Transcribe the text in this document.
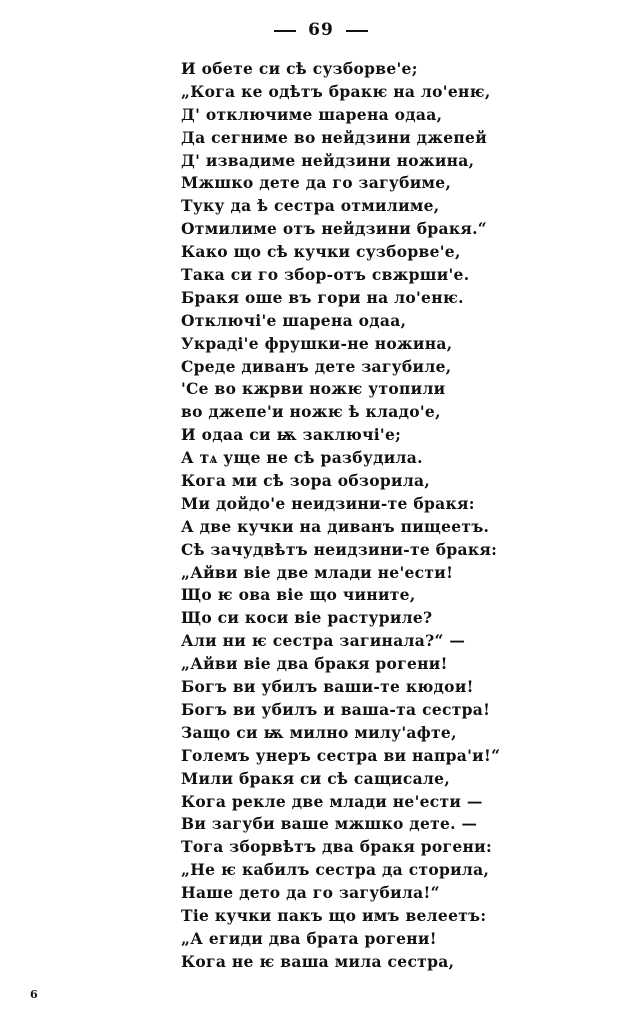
69
И обете си сѣ сузборве'е;
„Кога ке одѣтъ бракѥ на ло'енѥ,
Д' отключиме шарена одаа,
Да сегниме во нейдзини джепей
Д' извадиме нейдзини ножина,
Мжшко дете да го загубиме,
Туку да ѣ сестра отмилиме,
Отмилиме отъ нейдзини бракя.“
Како що сѣ кучки сузборве'е,
Така си го збор-отъ свжрши'е.
Бракя оше въ гори на ло'енѥ.
Отключі'е шарена одаа,
Украді'е фрушки-не ножина,
Среде диванъ дете загубиле,
'Се во кжрви ножѥ утопили
во джепе'и ножѥ ѣ кладо'е,
И одаа си ѭ заключі'е;
А тѧ уще не сѣ разбудила.
Кога ми сѣ зора обзорила,
Ми дойдо'е неидзини-те бракя:
А две кучки на диванъ пищеетъ.
Сѣ зачудвѣтъ неидзини-те бракя:
„Айви віе две млади не'ести!
Що ѥ ова віе що чините,
Що си коси віе растуриле?
Али ни ѥ сестра загинала?“ —
„Айви віе два бракя рогени!
Богъ ви убилъ ваши-те кюдои!
Богъ ви убилъ и ваша-та сестра!
Защо си ѭ милно милу'афте,
Големъ унеръ сестра ви напра'и!“
Мили бракя си сѣ сащисале,
Кога рекле две млади не'ести —
Ви загуби ваше мжшко дете. —
Тога зборвѣтъ два бракя рогени:
„Не ѥ кабилъ сестра да сторила,
Наше дето да го загубила!“
Тіе кучки пакъ що имъ велеетъ:
„А егиди два брата рогени!
Кога не ѥ ваша мила сестра,
6
